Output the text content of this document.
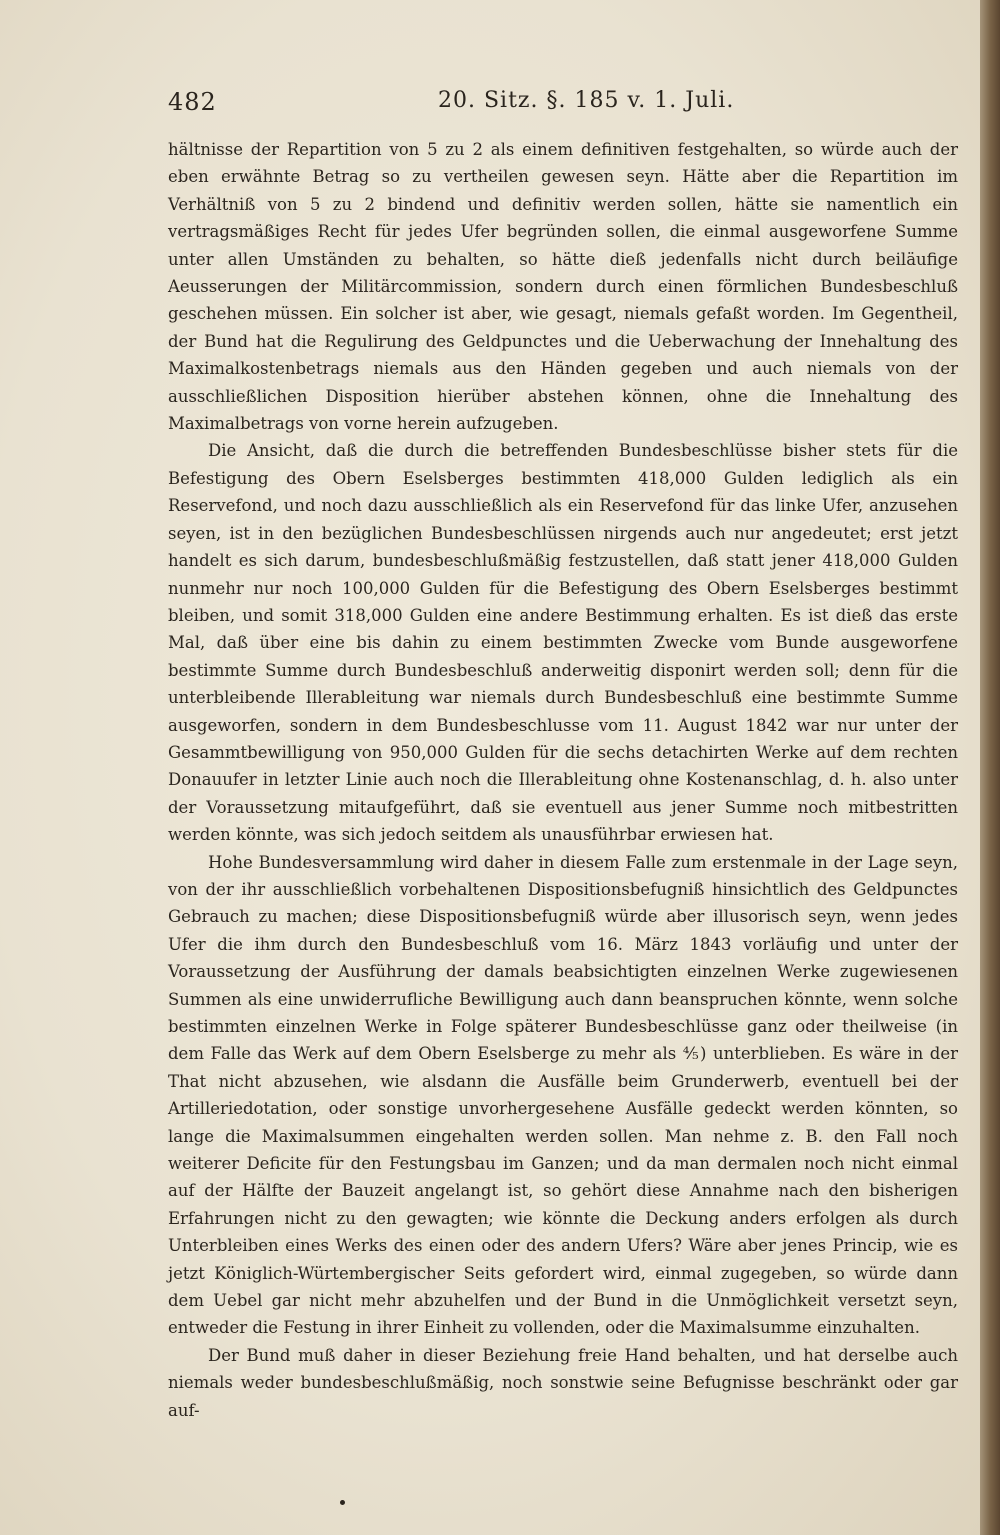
482	20. Sitz. §. 185 v. 1. Juli.

hältnisse der Repartition von 5 zu 2 als einem definitiven festgehalten, so würde auch der eben erwähnte Betrag so zu vertheilen gewesen seyn. Hätte aber die Repartition im Verhältniß von 5 zu 2 bindend und definitiv werden sollen, hätte sie namentlich ein vertragsmäßiges Recht für jedes Ufer begründen sollen, die einmal ausgeworfene Summe unter allen Umständen zu behalten, so hätte dieß jedenfalls nicht durch beiläufige Aeusserungen der Militärcommission, sondern durch einen förmlichen Bundesbeschluß geschehen müssen. Ein solcher ist aber, wie gesagt, niemals gefaßt worden. Im Gegentheil, der Bund hat die Regulirung des Geldpunctes und die Ueberwachung der Innehaltung des Maximalkostenbetrags niemals aus den Händen gegeben und auch niemals von der ausschließlichen Disposition hierüber abstehen können, ohne die Innehaltung des Maximalbetrags von vorne herein aufzugeben.

Die Ansicht, daß die durch die betreffenden Bundesbeschlüsse bisher stets für die Befestigung des Obern Eselsberges bestimmten 418,000 Gulden lediglich als ein Reservefond, und noch dazu ausschließlich als ein Reservefond für das linke Ufer, anzusehen seyen, ist in den bezüglichen Bundesbeschlüssen nirgends auch nur angedeutet; erst jetzt handelt es sich darum, bundesbeschlußmäßig festzustellen, daß statt jener 418,000 Gulden nunmehr nur noch 100,000 Gulden für die Befestigung des Obern Eselsberges bestimmt bleiben, und somit 318,000 Gulden eine andere Bestimmung erhalten. Es ist dieß das erste Mal, daß über eine bis dahin zu einem bestimmten Zwecke vom Bunde ausgeworfene bestimmte Summe durch Bundesbeschluß anderweitig disponirt werden soll; denn für die unterbleibende Illerableitung war niemals durch Bundesbeschluß eine bestimmte Summe ausgeworfen, sondern in dem Bundesbeschlusse vom 11. August 1842 war nur unter der Gesammtbewilligung von 950,000 Gulden für die sechs detachirten Werke auf dem rechten Donauufer in letzter Linie auch noch die Illerableitung ohne Kostenanschlag, d. h. also unter der Voraussetzung mitaufgeführt, daß sie eventuell aus jener Summe noch mitbestritten werden könnte, was sich jedoch seitdem als unausführbar erwiesen hat.

Hohe Bundesversammlung wird daher in diesem Falle zum erstenmale in der Lage seyn, von der ihr ausschließlich vorbehaltenen Dispositionsbefugniß hinsichtlich des Geldpunctes Gebrauch zu machen; diese Dispositionsbefugniß würde aber illusorisch seyn, wenn jedes Ufer die ihm durch den Bundesbeschluß vom 16. März 1843 vorläufig und unter der Voraussetzung der Ausführung der damals beabsichtigten einzelnen Werke zugewiesenen Summen als eine unwiderrufliche Bewilligung auch dann beanspruchen könnte, wenn solche bestimmten einzelnen Werke in Folge späterer Bundesbeschlüsse ganz oder theilweise (in dem Falle das Werk auf dem Obern Eselsberge zu mehr als ⅘) unterblieben. Es wäre in der That nicht abzusehen, wie alsdann die Ausfälle beim Grunderwerb, eventuell bei der Artilleriedotation, oder sonstige unvorhergesehene Ausfälle gedeckt werden könnten, so lange die Maximalsummen eingehalten werden sollen. Man nehme z. B. den Fall noch weiterer Deficite für den Festungsbau im Ganzen; und da man dermalen noch nicht einmal auf der Hälfte der Bauzeit angelangt ist, so gehört diese Annahme nach den bisherigen Erfahrungen nicht zu den gewagten; wie könnte die Deckung anders erfolgen als durch Unterbleiben eines Werks des einen oder des andern Ufers? Wäre aber jenes Princip, wie es jetzt Königlich-Würtembergischer Seits gefordert wird, einmal zugegeben, so würde dann dem Uebel gar nicht mehr abzuhelfen und der Bund in die Unmöglichkeit versetzt seyn, entweder die Festung in ihrer Einheit zu vollenden, oder die Maximalsumme einzuhalten.

Der Bund muß daher in dieser Beziehung freie Hand behalten, und hat derselbe auch niemals weder bundesbeschlußmäßig, noch sonstwie seine Befugnisse beschränkt oder gar auf-
